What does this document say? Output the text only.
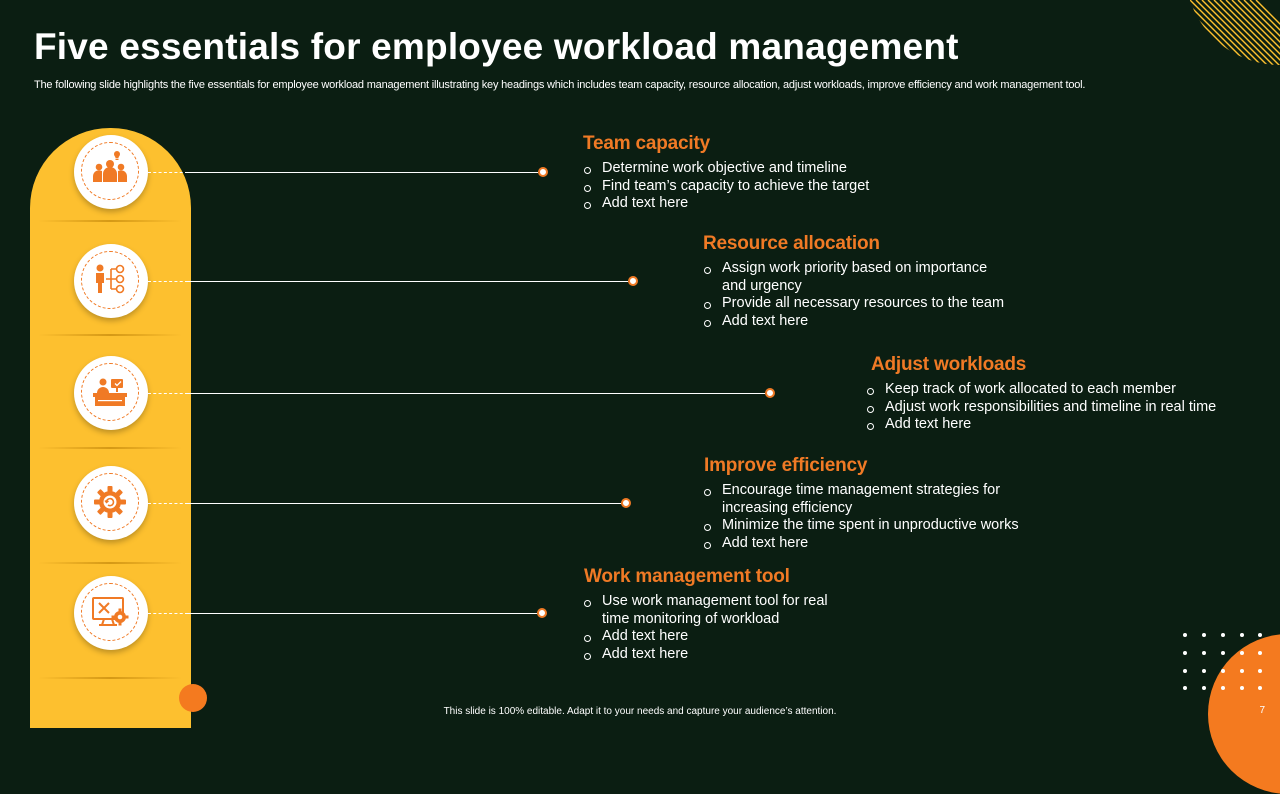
Five essentials for employee workload management
The following slide highlights the five essentials for employee workload management illustrating key headings which includes team capacity, resource allocation, adjust workloads, improve efficiency and work management tool.
Team capacity
Determine work objective and timeline
Find team’s capacity to achieve the target
Add text here
Resource allocation
Assign work priority based on importance and urgency
Provide all necessary resources to the team
Add text here
Adjust workloads
Keep track of work allocated to each member
Adjust work responsibilities and timeline in real time
Add text here
Improve efficiency
Encourage time management strategies for increasing efficiency
Minimize the time spent in unproductive works
Add text here
Work management tool
Use work management tool for real time monitoring of workload
Add text here
Add text here
This slide is 100% editable. Adapt it to your needs and capture your audience’s attention.	7
